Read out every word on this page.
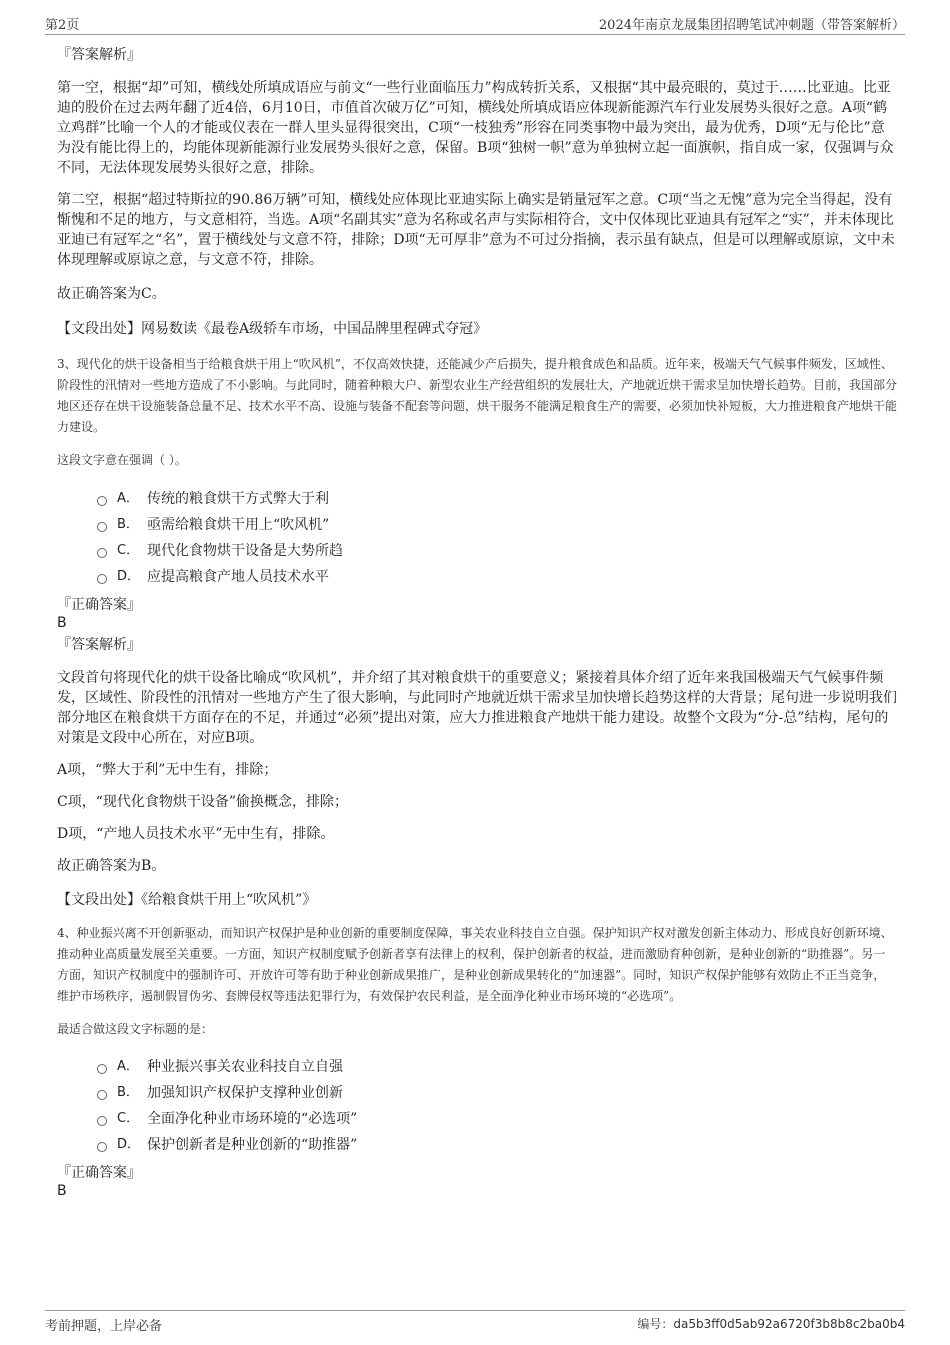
第2页	2024年南京龙晟集团招聘笔试冲刺题（带答案解析）

『答案解析』

第一空，根据“却”可知，横线处所填成语应与前文“一些行业面临压力”构成转折关系，又根据“其中最亮眼的，莫过于……比亚迪。比亚迪的股价在过去两年翻了近4倍，6月10日，市值首次破万亿”可知，横线处所填成语应体现新能源汽车行业发展势头很好之意。A项“鹤立鸡群”比喻一个人的才能或仪表在一群人里头显得很突出，C项“一枝独秀”形容在同类事物中最为突出，最为优秀，D项“无与伦比”意为没有能比得上的，均能体现新能源行业发展势头很好之意，保留。B项“独树一帜”意为单独树立起一面旗帜，指自成一家，仅强调与众不同，无法体现发展势头很好之意，排除。

第二空，根据“超过特斯拉的90.86万辆”可知，横线处应体现比亚迪实际上确实是销量冠军之意。C项“当之无愧”意为完全当得起，没有惭愧和不足的地方，与文意相符，当选。A项“名副其实”意为名称或名声与实际相符合，文中仅体现比亚迪具有冠军之“实”，并未体现比亚迪已有冠军之“名”，置于横线处与文意不符，排除；D项“无可厚非”意为不可过分指摘，表示虽有缺点，但是可以理解或原谅，文中未体现理解或原谅之意，与文意不符，排除。

故正确答案为C。

【文段出处】网易数读《最卷A级轿车市场，中国品牌里程碑式夺冠》

3、现代化的烘干设备相当于给粮食烘干用上“吹风机”，不仅高效快捷，还能减少产后损失，提升粮食成色和品质。近年来，极端天气气候事件频发，区域性、阶段性的汛情对一些地方造成了不小影响。与此同时，随着种粮大户、新型农业生产经营组织的发展壮大，产地就近烘干需求呈加快增长趋势。目前，我国部分地区还存在烘干设施装备总量不足、技术水平不高、设施与装备不配套等问题，烘干服务不能满足粮食生产的需要，必须加快补短板，大力推进粮食产地烘干能力建设。

这段文字意在强调（ ）。

A． 传统的粮食烘干方式弊大于利
B． 亟需给粮食烘干用上“吹风机”
C． 现代化食物烘干设备是大势所趋
D． 应提高粮食产地人员技术水平

『正确答案』

B

『答案解析』

文段首句将现代化的烘干设备比喻成“吹风机”，并介绍了其对粮食烘干的重要意义；紧接着具体介绍了近年来我国极端天气气候事件频发，区域性、阶段性的汛情对一些地方产生了很大影响，与此同时产地就近烘干需求呈加快增长趋势这样的大背景；尾句进一步说明我们部分地区在粮食烘干方面存在的不足，并通过“必须”提出对策，应大力推进粮食产地烘干能力建设。故整个文段为“分-总”结构，尾句的对策是文段中心所在，对应B项。

A项，“弊大于利”无中生有，排除；

C项，“现代化食物烘干设备”偷换概念，排除；

D项，“产地人员技术水平”无中生有，排除。

故正确答案为B。

【文段出处】《给粮食烘干用上“吹风机”》

4、种业振兴离不开创新驱动，而知识产权保护是种业创新的重要制度保障，事关农业科技自立自强。保护知识产权对激发创新主体动力、形成良好创新环境、推动种业高质量发展至关重要。一方面，知识产权制度赋予创新者享有法律上的权利，保护创新者的权益，进而激励育种创新，是种业创新的“助推器”。另一方面，知识产权制度中的强制许可、开放许可等有助于种业创新成果推广，是种业创新成果转化的“加速器”。同时，知识产权保护能够有效防止不正当竞争，维护市场秩序，遏制假冒伪劣、套牌侵权等违法犯罪行为，有效保护农民利益，是全面净化种业市场环境的“必选项”。

最适合做这段文字标题的是：

A． 种业振兴事关农业科技自立自强
B． 加强知识产权保护支撑种业创新
C． 全面净化种业市场环境的“必选项”
D． 保护创新者是种业创新的“助推器”

『正确答案』

B

考前押题，上岸必备	编号：da5b3ff0d5ab92a6720f3b8b8c2ba0b4
